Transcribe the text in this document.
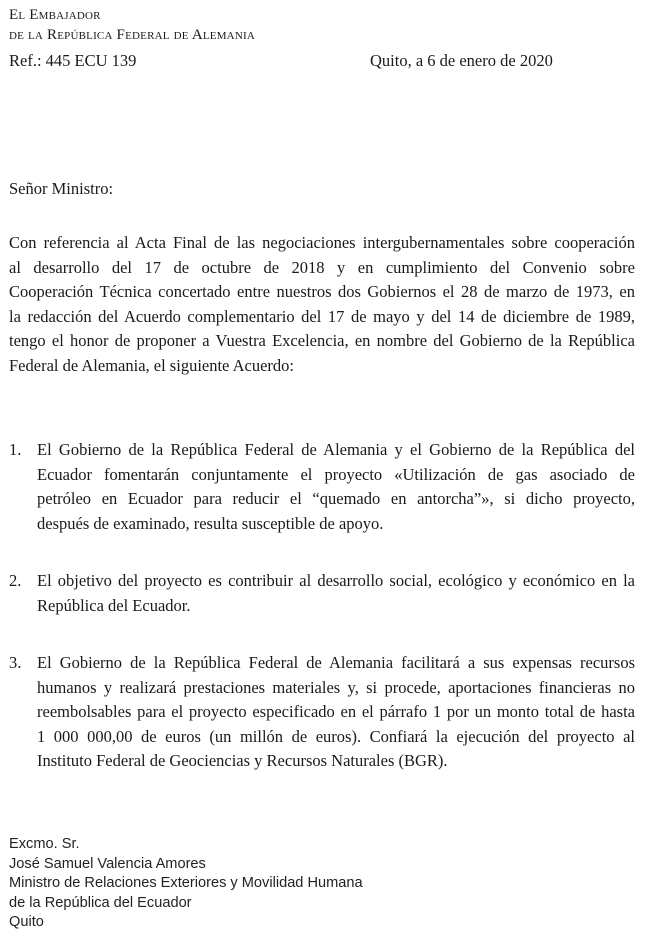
El Embajador
de la República Federal de Alemania
Ref.: 445 ECU 139	Quito, a 6 de enero de 2020
Señor Ministro:
Con referencia al Acta Final de las negociaciones intergubernamentales sobre cooperación
al desarrollo del 17 de octubre de 2018 y en cumplimiento del Convenio sobre
Cooperación Técnica concertado entre nuestros dos Gobiernos el 28 de marzo de 1973, en
la redacción del Acuerdo complementario del 17 de mayo y del 14 de diciembre de 1989,
tengo el honor de proponer a Vuestra Excelencia, en nombre del Gobierno de la República
Federal de Alemania, el siguiente Acuerdo:
1. El Gobierno de la República Federal de Alemania y el Gobierno de la República del
Ecuador fomentarán conjuntamente el proyecto «Utilización de gas asociado de
petróleo en Ecuador para reducir el “quemado en antorcha”», si dicho proyecto,
después de examinado, resulta susceptible de apoyo.
2. El objetivo del proyecto es contribuir al desarrollo social, ecológico y económico en la
República del Ecuador.
3. El Gobierno de la República Federal de Alemania facilitará a sus expensas recursos
humanos y realizará prestaciones materiales y, si procede, aportaciones financieras no
reembolsables para el proyecto especificado en el párrafo 1 por un monto total de hasta
1 000 000,00 de euros (un millón de euros). Confiará la ejecución del proyecto al
Instituto Federal de Geociencias y Recursos Naturales (BGR).
Excmo. Sr.
José Samuel Valencia Amores
Ministro de Relaciones Exteriores y Movilidad Humana
de la República del Ecuador
Quito
